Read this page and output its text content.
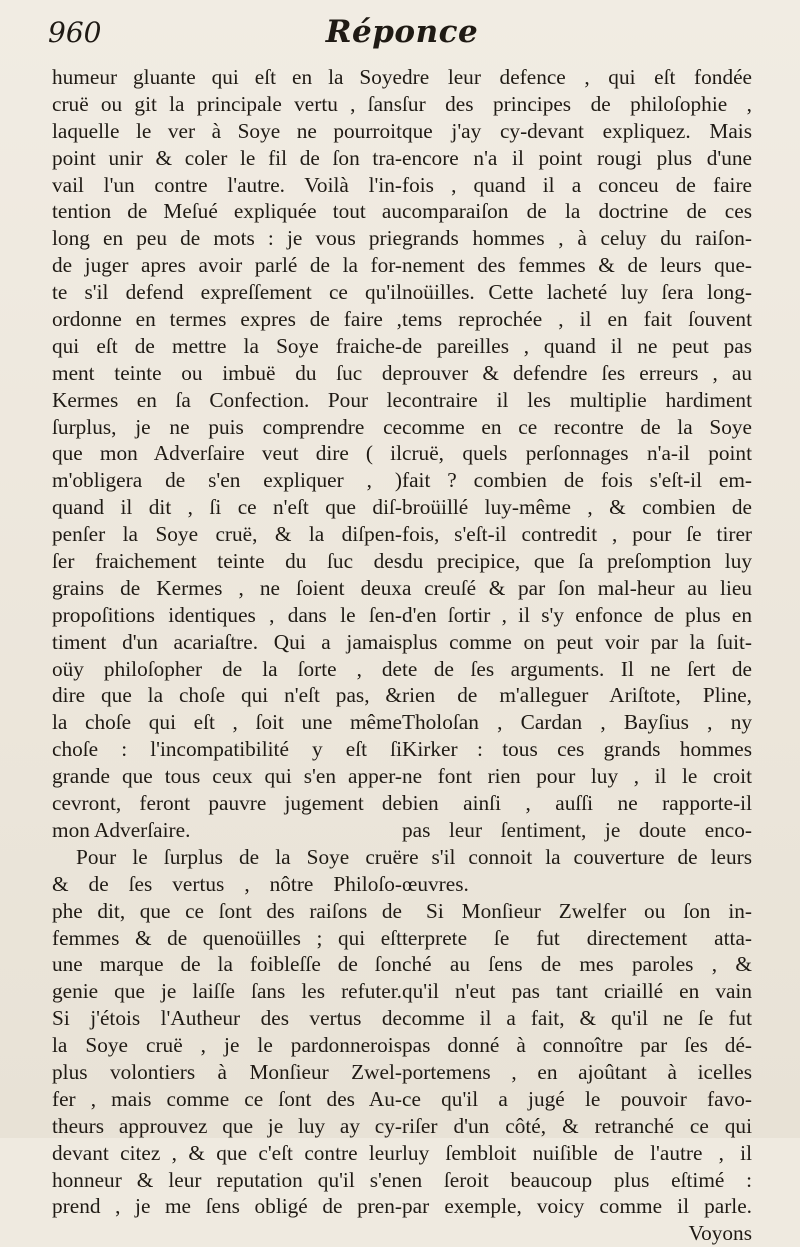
960	Réponce
humeur gluante qui eſt en la Soye
cruë ou git la principale vertu , ſans
laquelle le ver à Soye ne pourroit
point unir & coler le fil de ſon tra-
vail l'un contre l'autre. Voilà l'in-
tention de Meſué expliquée tout au
long en peu de mots : je vous prie
de juger apres avoir parlé de la for-
te s'il defend expreſſement ce qu'il
ordonne en termes expres de faire ,
qui eſt de mettre la Soye fraiche-
ment teinte ou imbuë du ſuc de
Kermes en ſa Confection. Pour le
ſurplus, je ne puis comprendre ce
que mon Adverſaire veut dire ( il
m'obligera de s'en expliquer , )
quand il dit , ſi ce n'eſt que diſ-
penſer la Soye cruë, & la diſpen-
ſer fraichement teinte du ſuc des
grains de Kermes , ne ſoient deux
propoſitions identiques , dans le ſen-
timent d'un acariaſtre. Qui a jamais
oüy philoſopher de la ſorte , de
dire que la choſe qui n'eſt pas, &
la choſe qui eſt , ſoit une même
choſe : l'incompatibilité y eſt ſi
grande que tous ceux qui s'en apper-
cevront, feront pauvre jugement de
mon Adverſaire.
Pour le ſurplus de la Soye cruë
& de ſes vertus , nôtre Philoſo-
phe dit, que ce ſont des raiſons de
femmes & de quenoüilles ; qui eſt
une marque de la foibleſſe de ſon
genie que je laiſſe ſans les refuter.
Si j'étois l'Autheur des vertus de
la Soye cruë , je le pardonnerois
plus volontiers à Monſieur Zwel-
fer , mais comme ce ſont des Au-
theurs approuvez que je luy ay cy-
devant citez , & que c'eſt contre leur
honneur & leur reputation qu'il s'en
prend , je me ſens obligé de pren-
dre leur defence , qui eſt fondée
ſur des principes de philoſophie ,
que j'ay cy-devant expliquez. Mais
encore n'a il point rougi plus d'une
fois , quand il a conceu de faire
comparaiſon de la doctrine de ces
grands hommes , à celuy du raiſon-
nement des femmes & de leurs que-
noüilles. Cette lacheté luy ſera long-
tems reprochée , il en fait ſouvent
de pareilles , quand il ne peut pas
prouver & defendre ſes erreurs , au
contraire il les multiplie hardiment
comme en ce recontre de la Soye
cruë, quels perſonnages n'a-il point
fait ? combien de fois s'eſt-il em-
broüillé luy-même , & combien de
fois, s'eſt-il contredit , pour ſe tirer
du precipice, que ſa preſomption luy
a creuſé & par ſon mal-heur au lieu
d'en ſortir , il s'y enfonce de plus en
plus comme on peut voir par la ſuit-
te de ſes arguments. Il ne ſert de
rien de m'alleguer Ariſtote, Pline,
Tholoſan , Cardan , Bayſius , ny
Kirker : tous ces grands hommes
ne font rien pour luy , il le croit
bien ainſi , auſſi ne rapporte-il
pas leur ſentiment, je doute enco-
re s'il connoit la couverture de leurs
œuvres.
Si Monſieur Zwelfer ou ſon in-
terprete ſe fut directement atta-
ché au ſens de mes paroles , &
qu'il n'eut pas tant criaillé en vain
comme il a fait, & qu'il ne ſe fut
pas donné à connoître par ſes dé-
portemens , en ajoûtant à icelles
ce qu'il a jugé le pouvoir favo-
riſer d'un côté, & retranché ce qui
luy ſembloit nuiſible de l'autre , il
en ſeroit beaucoup plus eſtimé :
par exemple, voicy comme il parle.
Voyons
